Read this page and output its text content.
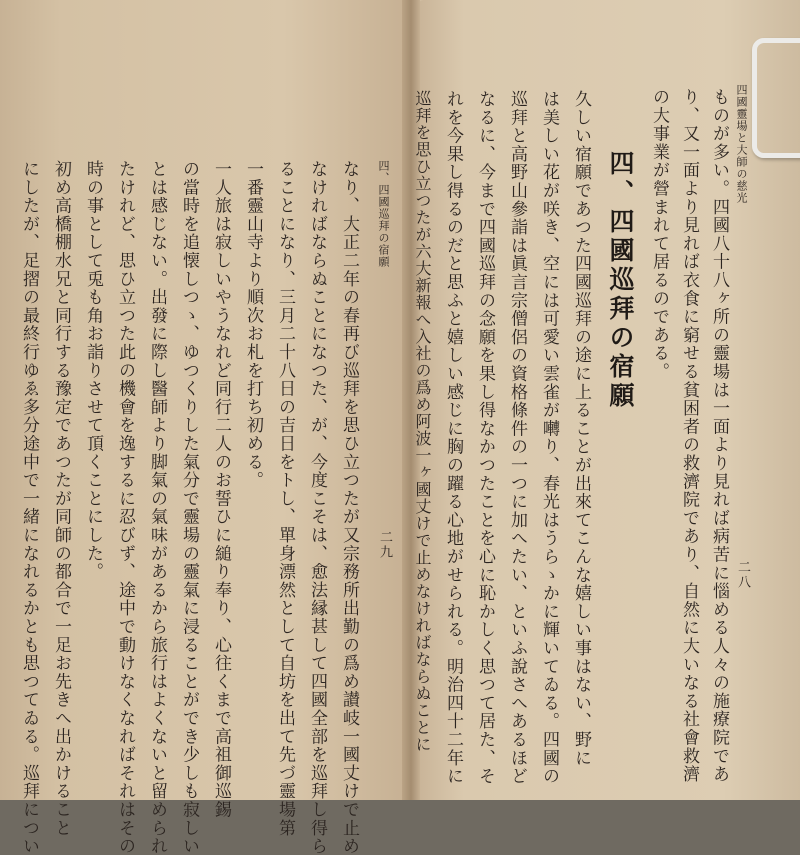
四、四國巡拜の宿願
二九
なり、大正二年の春再び巡拜を思ひ立つたが又宗務所出勤の爲め讃岐一國丈けで止め
なければならぬことになつた、が、今度こそは、愈法縁甚して四國全部を巡拜し得ら
ることになり、三月二十八日の吉日をトし、單身漂然として自坊を出て先づ靈場第
一番靈山寺より順次お札を打ち初める。
一人旅は寂しいやうなれど同行二人のお誓ひに縋り奉り、心往くまで高祖御巡錫
の當時を追懐しつゝ、ゆつくりした氣分で靈場の靈氣に浸ることができ少しも寂しい
とは感じない。出發に際し醫師より脚氣の氣味があるから旅行はよくないと留められ
たけれど、思ひ立つた此の機會を逸するに忍びず、途中で動けなくなればそれはその
時の事として兎も角お詣りさせて頂くことにした。
初め高橋棚水兄と同行する豫定であつたが同師の都合で一足お先きへ出かけること
にしたが、足摺の最終行ゆゑ多分途中で一緒になれるかとも思つてゐる。巡拜につい
四國靈場と大師の慈光
二八
ものが多い。四國八十八ヶ所の靈場は一面より見れば病苦に惱める人々の施療院であ
り、又一面より見れば衣食に窮せる貧困者の救濟院であり、自然に大いなる社會救濟
の大事業が營まれて居るのである。
四、四國巡拜の宿願
久しい宿願であつた四國巡拜の途に上ることが出來てこんな嬉しい事はない、野に
は美しい花が咲き、空には可愛い雲雀が囀り、春光はうらゝかに輝いてゐる。四國の
巡拜と高野山參詣は眞言宗僧侶の資格條件の一つに加へたい、といふ說さへあるほど
なるに、今まで四國巡拜の念願を果し得なかつたことを心に恥かしく思つて居た、そ
れを今果し得るのだと思ふと嬉しい感じに胸の躍る心地がせられる。明治四十二年に
巡拜を思ひ立つたが六大新報へ入社の爲め阿波一ヶ國丈けで止めなければならぬことに
